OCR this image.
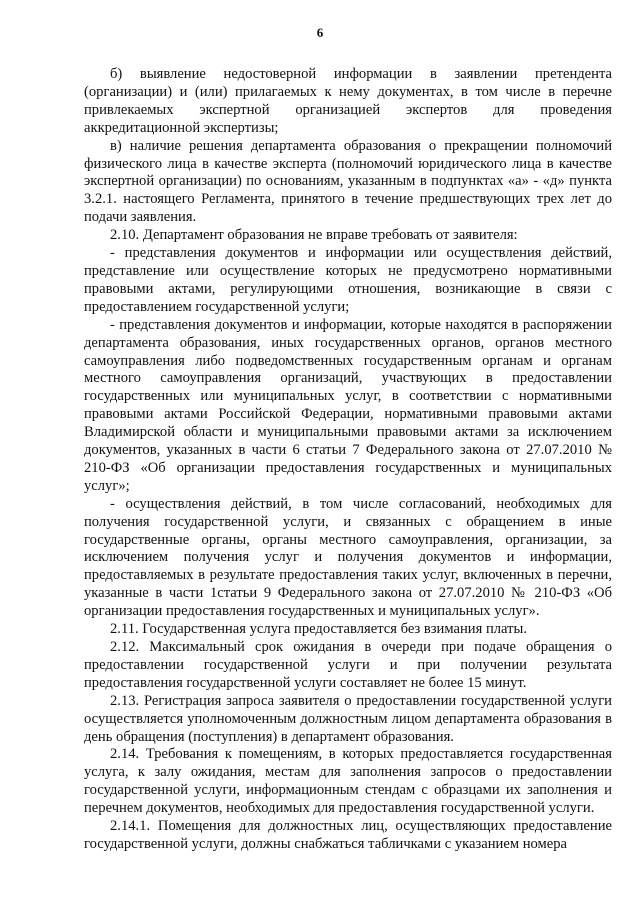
6

б) выявление недостоверной информации в заявлении претендента (организации) и (или) прилагаемых к нему документах, в том числе в перечне привлекаемых экспертной организацией экспертов для проведения аккредитационной экспертизы;

в) наличие решения департамента образования о прекращении полномочий физического лица в качестве эксперта (полномочий юридического лица в качестве экспертной организации) по основаниям, указанным в подпунктах «а» - «д» пункта 3.2.1. настоящего Регламента, принятого в течение предшествующих трех лет до подачи заявления.

2.10. Департамент образования не вправе требовать от заявителя:

- представления документов и информации или осуществления действий, представление или осуществление которых не предусмотрено нормативными правовыми актами, регулирующими отношения, возникающие в связи с предоставлением государственной услуги;

- представления документов и информации, которые находятся в распоряжении департамента образования, иных государственных органов, органов местного самоуправления либо подведомственных государственным органам и органам местного самоуправления организаций, участвующих в предоставлении государственных или муниципальных услуг, в соответствии с нормативными правовыми актами Российской Федерации, нормативными правовыми актами Владимирской области и муниципальными правовыми актами за исключением документов, указанных в части 6 статьи 7 Федерального закона от 27.07.2010 № 210-ФЗ «Об организации предоставления государственных и муниципальных услуг»;

- осуществления действий, в том числе согласований, необходимых для получения государственной услуги, и связанных с обращением в иные государственные органы, органы местного самоуправления, организации, за исключением получения услуг и получения документов и информации, предоставляемых в результате предоставления таких услуг, включенных в перечни, указанные в части 1статьи 9 Федерального закона от 27.07.2010 № 210-ФЗ «Об организации предоставления государственных и муниципальных услуг».

2.11. Государственная услуга предоставляется без взимания платы.

2.12. Максимальный срок ожидания в очереди при подаче обращения о предоставлении государственной услуги и при получении результата предоставления государственной услуги составляет не более 15 минут.

2.13. Регистрация запроса заявителя о предоставлении государственной услуги осуществляется уполномоченным должностным лицом департамента образования в день обращения (поступления) в департамент образования.

2.14. Требования к помещениям, в которых предоставляется государственная услуга, к залу ожидания, местам для заполнения запросов о предоставлении государственной услуги, информационным стендам с образцами их заполнения и перечнем документов, необходимых для предоставления государственной услуги.

2.14.1. Помещения для должностных лиц, осуществляющих предоставление государственной услуги, должны снабжаться табличками с указанием номера
